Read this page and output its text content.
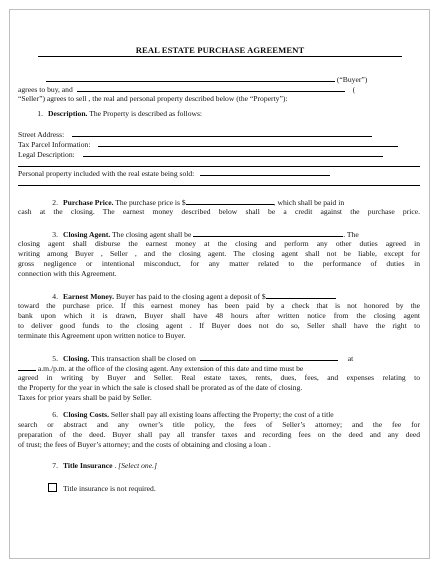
REAL ESTATE PURCHASE AGREEMENT
(“Buyer”)
agrees to buy, and	(
“Seller”) agrees to sell , the real and personal property described below (the “Property”):
1. Description. The Property is described as follows:
Street Address:
Tax Parcel Information:
Legal Description:
Personal property included with the real estate being sold:
2. Purchase Price. The purchase price is $	, which shall be paid in
cash at the closing. The earnest money described below shall be a credit against the purchase price.
3. Closing Agent. The closing agent shall be	. The
closing agent shall disburse the earnest money at the closing and perform any other duties agreed in
writing among Buyer , Seller , and the closing agent. The closing agent shall not be liable, except for
gross negligence or intentional misconduct, for any matter related to the performance of duties in
connection with this Agreement.
4. Earnest Money. Buyer has paid to the closing agent a deposit of $
toward the purchase price. If this earnest money has been paid by a check that is not honored by the
bank upon which it is drawn, Buyer shall have 48 hours after written notice from the closing agent
to deliver good funds to the closing agent . If Buyer does not do so, Seller shall have the right to
terminate this Agreement upon written notice to Buyer.
5. Closing. This transaction shall be closed on	at
a.m./p.m. at the office of the closing agent. Any extension of this date and time must be
agreed in writing by Buyer and Seller. Real estate taxes, rents, dues, fees, and expenses relating to
the Property for the year in which the sale is closed shall be prorated as of the date of closing.
Taxes for prior years shall be paid by Seller.
6. Closing Costs. Seller shall pay all existing loans affecting the Property; the cost of a title
search or abstract and any owner’s title policy, the fees of Seller’s attorney; and the fee for
preparation of the deed. Buyer shall pay all transfer taxes and recording fees on the deed and any deed
of trust; the fees of Buyer’s attorney; and the costs of obtaining and closing a loan .
7. Title Insurance . [Select one.]
Title insurance is not required.
